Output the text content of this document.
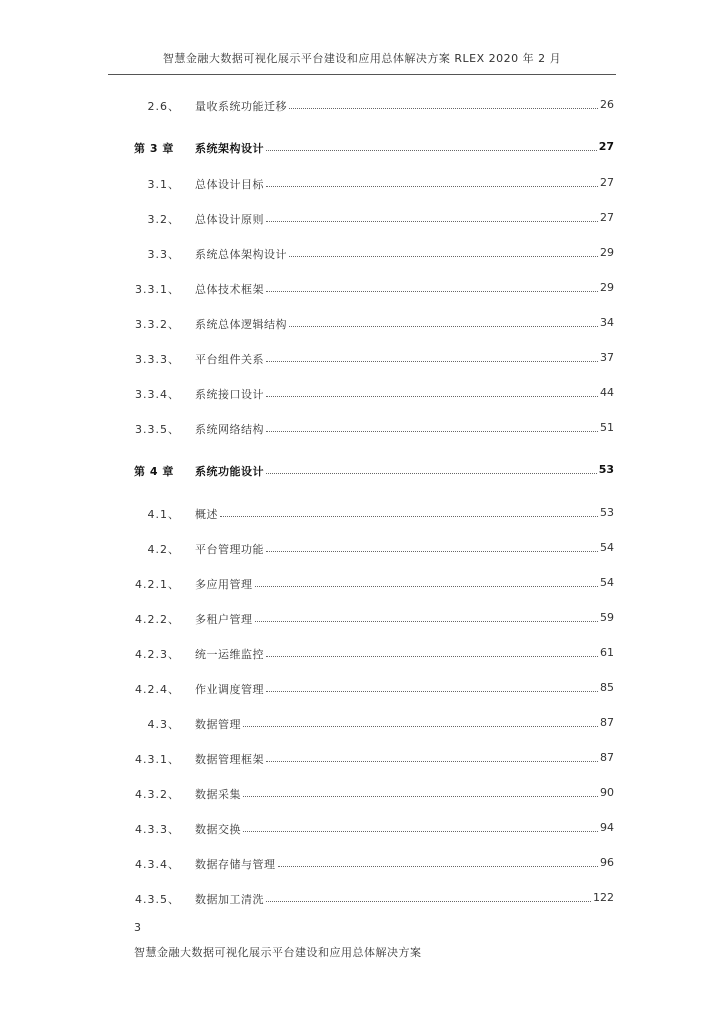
智慧金融大数据可视化展示平台建设和应用总体解决方案 RLEX 2020 年 2 月
2.6、 量收系统功能迁移	26
第 3 章 系统架构设计	27
3.1、 总体设计目标	27
3.2、 总体设计原则	27
3.3、 系统总体架构设计	29
3.3.1、 总体技术框架	29
3.3.2、 系统总体逻辑结构	34
3.3.3、 平台组件关系	37
3.3.4、 系统接口设计	44
3.3.5、 系统网络结构	51
第 4 章 系统功能设计	53
4.1、 概述	53
4.2、 平台管理功能	54
4.2.1、 多应用管理	54
4.2.2、 多租户管理	59
4.2.3、 统一运维监控	61
4.2.4、 作业调度管理	85
4.3、 数据管理	87
4.3.1、 数据管理框架	87
4.3.2、 数据采集	90
4.3.3、 数据交换	94
4.3.4、 数据存储与管理	96
4.3.5、 数据加工清洗	122
3
智慧金融大数据可视化展示平台建设和应用总体解决方案
